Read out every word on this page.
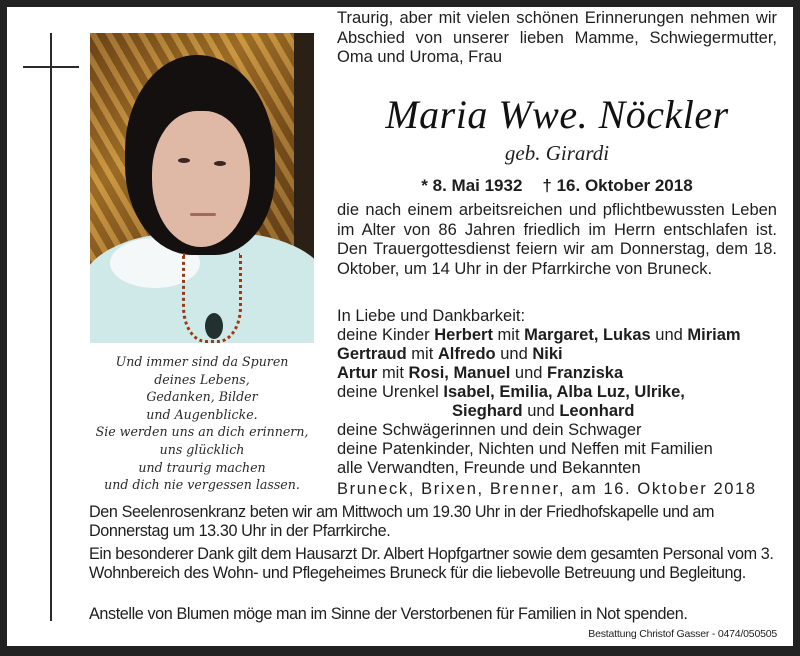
Und immer sind da Spuren
deines Lebens,
Gedanken, Bilder
und Augenblicke.
Sie werden uns an dich erinnern,
uns glücklich
und traurig machen
und dich nie vergessen lassen.

Traurig, aber mit vielen schönen Erinnerungen nehmen wir Abschied von unserer lieben Mamme, Schwiegermutter, Oma und Uroma, Frau

Maria Wwe. Nöckler
geb. Girardi
* 8. Mai 1932 † 16. Oktober 2018

die nach einem arbeitsreichen und pflichtbewussten Leben im Alter von 86 Jahren friedlich im Herrn entschlafen ist. Den Trauergottesdienst feiern wir am Donnerstag, dem 18. Oktober, um 14 Uhr in der Pfarrkirche von Bruneck.

In Liebe und Dankbarkeit:
deine Kinder Herbert mit Margaret, Lukas und Miriam
Gertraud mit Alfredo und Niki
Artur mit Rosi, Manuel und Franziska
deine Urenkel Isabel, Emilia, Alba Luz, Ulrike,
Sieghard und Leonhard
deine Schwägerinnen und dein Schwager
deine Patenkinder, Nichten und Neffen mit Familien
alle Verwandten, Freunde und Bekannten
Bruneck, Brixen, Brenner, am 16. Oktober 2018

Den Seelenrosenkranz beten wir am Mittwoch um 19.30 Uhr in der Friedhofskapelle und am Donnerstag um 13.30 Uhr in der Pfarrkirche.

Ein besonderer Dank gilt dem Hausarzt Dr. Albert Hopfgartner sowie dem gesamten Personal vom 3. Wohnbereich des Wohn- und Pflegeheimes Bruneck für die liebevolle Betreuung und Begleitung.

Anstelle von Blumen möge man im Sinne der Verstorbenen für Familien in Not spenden.

Bestattung Christof Gasser - 0474/050505
